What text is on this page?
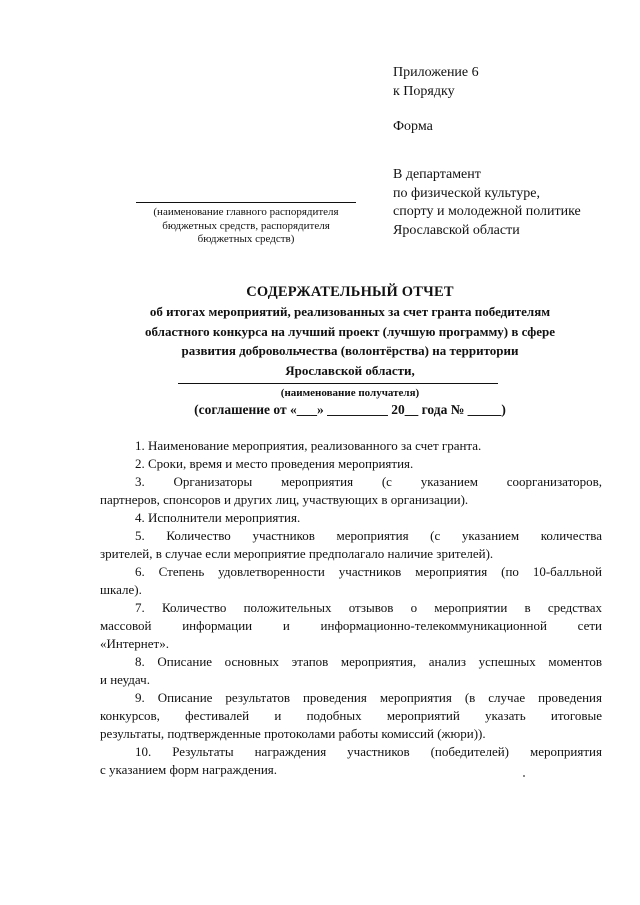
Приложение 6
к Порядку
Форма
В департамент
по физической культуре,
спорту и молодежной политике
Ярославской области
(наименование главного распорядителя
бюджетных средств, распорядителя
бюджетных средств)
СОДЕРЖАТЕЛЬНЫЙ ОТЧЕТ
об итогах мероприятий, реализованных за счет гранта победителям
областного конкурса на лучший проект (лучшую программу) в сфере
развития добровольчества (волонтёрства) на территории
Ярославской области,
(наименование получателя)
(соглашение от «___» _________ 20__ года № _____)
1. Наименование мероприятия, реализованного за счет гранта.
2. Сроки, время и место проведения мероприятия.
3. Организаторы мероприятия (с указанием соорганизаторов,
партнеров, спонсоров и других лиц, участвующих в организации).
4. Исполнители мероприятия.
5. Количество участников мероприятия (с указанием количества
зрителей, в случае если мероприятие предполагало наличие зрителей).
6. Степень удовлетворенности участников мероприятия (по 10-балльной
шкале).
7. Количество положительных отзывов о мероприятии в средствах
массовой информации и информационно-телекоммуникационной сети
«Интернет».
8. Описание основных этапов мероприятия, анализ успешных моментов
и неудач.
9. Описание результатов проведения мероприятия (в случае проведения
конкурсов, фестивалей и подобных мероприятий указать итоговые
результаты, подтвержденные протоколами работы комиссий (жюри)).
10. Результаты награждения участников (победителей) мероприятия
с указанием форм награждения.
